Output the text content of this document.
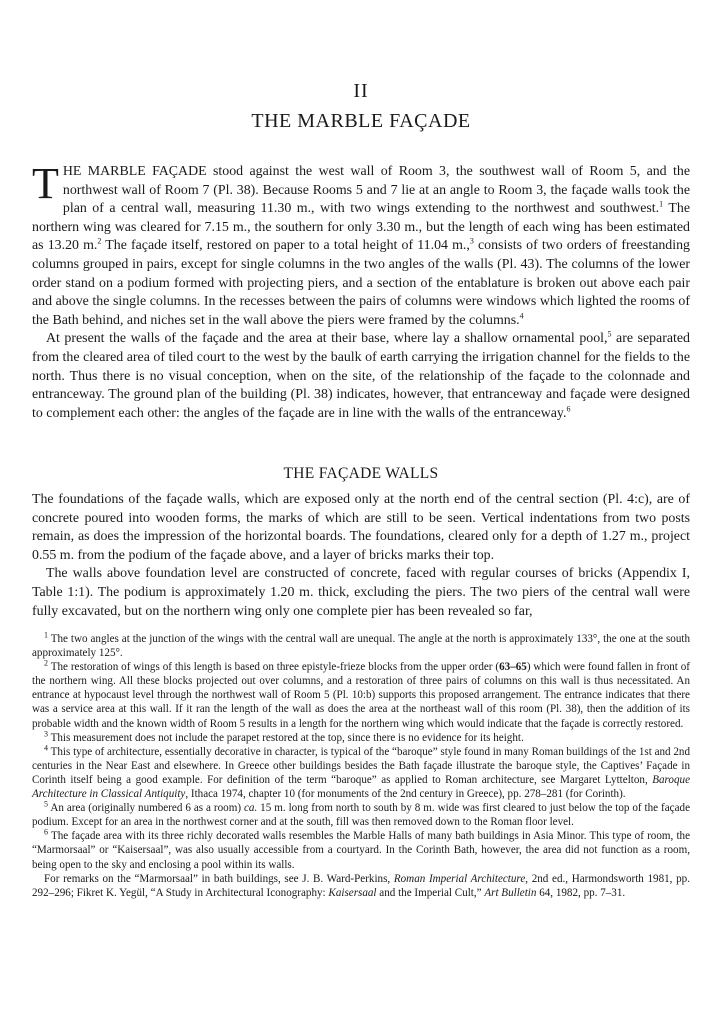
II
THE MARBLE FAÇADE

THE MARBLE FAÇADE stood against the west wall of Room 3, the southwest wall of Room 5, and the northwest wall of Room 7 (Pl. 38). Because Rooms 5 and 7 lie at an angle to Room 3, the façade walls took the plan of a central wall, measuring 11.30 m., with two wings extending to the northwest and southwest.$^1$ The northern wing was cleared for 7.15 m., the southern for only 3.30 m., but the length of each wing has been estimated as 13.20 m.$^2$ The façade itself, restored on paper to a total height of 11.04 m.,$^3$ consists of two orders of freestanding columns grouped in pairs, except for single columns in the two angles of the walls (Pl. 43). The columns of the lower order stand on a podium formed with projecting piers, and a section of the entablature is broken out above each pair and above the single columns. In the recesses between the pairs of columns were windows which lighted the rooms of the Bath behind, and niches set in the wall above the piers were framed by the columns.$^4$

At present the walls of the façade and the area at their base, where lay a shallow ornamental pool,$^5$ are separated from the cleared area of tiled court to the west by the baulk of earth carrying the irrigation channel for the fields to the north. Thus there is no visual conception, when on the site, of the relationship of the façade to the colonnade and entranceway. The ground plan of the building (Pl. 38) indicates, however, that entranceway and façade were designed to complement each other: the angles of the façade are in line with the walls of the entranceway.$^6$

THE FAÇADE WALLS

The foundations of the façade walls, which are exposed only at the north end of the central section (Pl. 4:c), are of concrete poured into wooden forms, the marks of which are still to be seen. Vertical indentations from two posts remain, as does the impression of the horizontal boards. The foundations, cleared only for a depth of 1.27 m., project 0.55 m. from the podium of the façade above, and a layer of bricks marks their top.

The walls above foundation level are constructed of concrete, faced with regular courses of bricks (Appendix I, Table 1:1). The podium is approximately 1.20 m. thick, excluding the piers. The two piers of the central wall were fully excavated, but on the northern wing only one complete pier has been revealed so far,

$^1$ The two angles at the junction of the wings with the central wall are unequal. The angle at the north is approximately 133°, the one at the south approximately 125°.

$^2$ The restoration of wings of this length is based on three epistyle-frieze blocks from the upper order (63–65) which were found fallen in front of the northern wing. All these blocks projected out over columns, and a restoration of three pairs of columns on this wall is thus necessitated. An entrance at hypocaust level through the northwest wall of Room 5 (Pl. 10:b) supports this proposed arrangement. The entrance indicates that there was a service area at this wall. If it ran the length of the wall as does the area at the northeast wall of this room (Pl. 38), then the addition of its probable width and the known width of Room 5 results in a length for the northern wing which would indicate that the façade is correctly restored.

$^3$ This measurement does not include the parapet restored at the top, since there is no evidence for its height.

$^4$ This type of architecture, essentially decorative in character, is typical of the “baroque” style found in many Roman buildings of the 1st and 2nd centuries in the Near East and elsewhere. In Greece other buildings besides the Bath façade illustrate the baroque style, the Captives’ Façade in Corinth itself being a good example. For definition of the term “baroque” as applied to Roman architecture, see Margaret Lyttelton, Baroque Architecture in Classical Antiquity, Ithaca 1974, chapter 10 (for monuments of the 2nd century in Greece), pp. 278–281 (for Corinth).

$^5$ An area (originally numbered 6 as a room) ca. 15 m. long from north to south by 8 m. wide was first cleared to just below the top of the façade podium. Except for an area in the northwest corner and at the south, fill was then removed down to the Roman floor level.

$^6$ The façade area with its three richly decorated walls resembles the Marble Halls of many bath buildings in Asia Minor. This type of room, the “Marmorsaal” or “Kaisersaal”, was also usually accessible from a courtyard. In the Corinth Bath, however, the area did not function as a room, being open to the sky and enclosing a pool within its walls.

For remarks on the “Marmorsaal” in bath buildings, see J. B. Ward-Perkins, Roman Imperial Architecture, 2nd ed., Harmondsworth 1981, pp. 292–296; Fikret K. Yegül, “A Study in Architectural Iconography: Kaisersaal and the Imperial Cult,” Art Bulletin 64, 1982, pp. 7–31.
